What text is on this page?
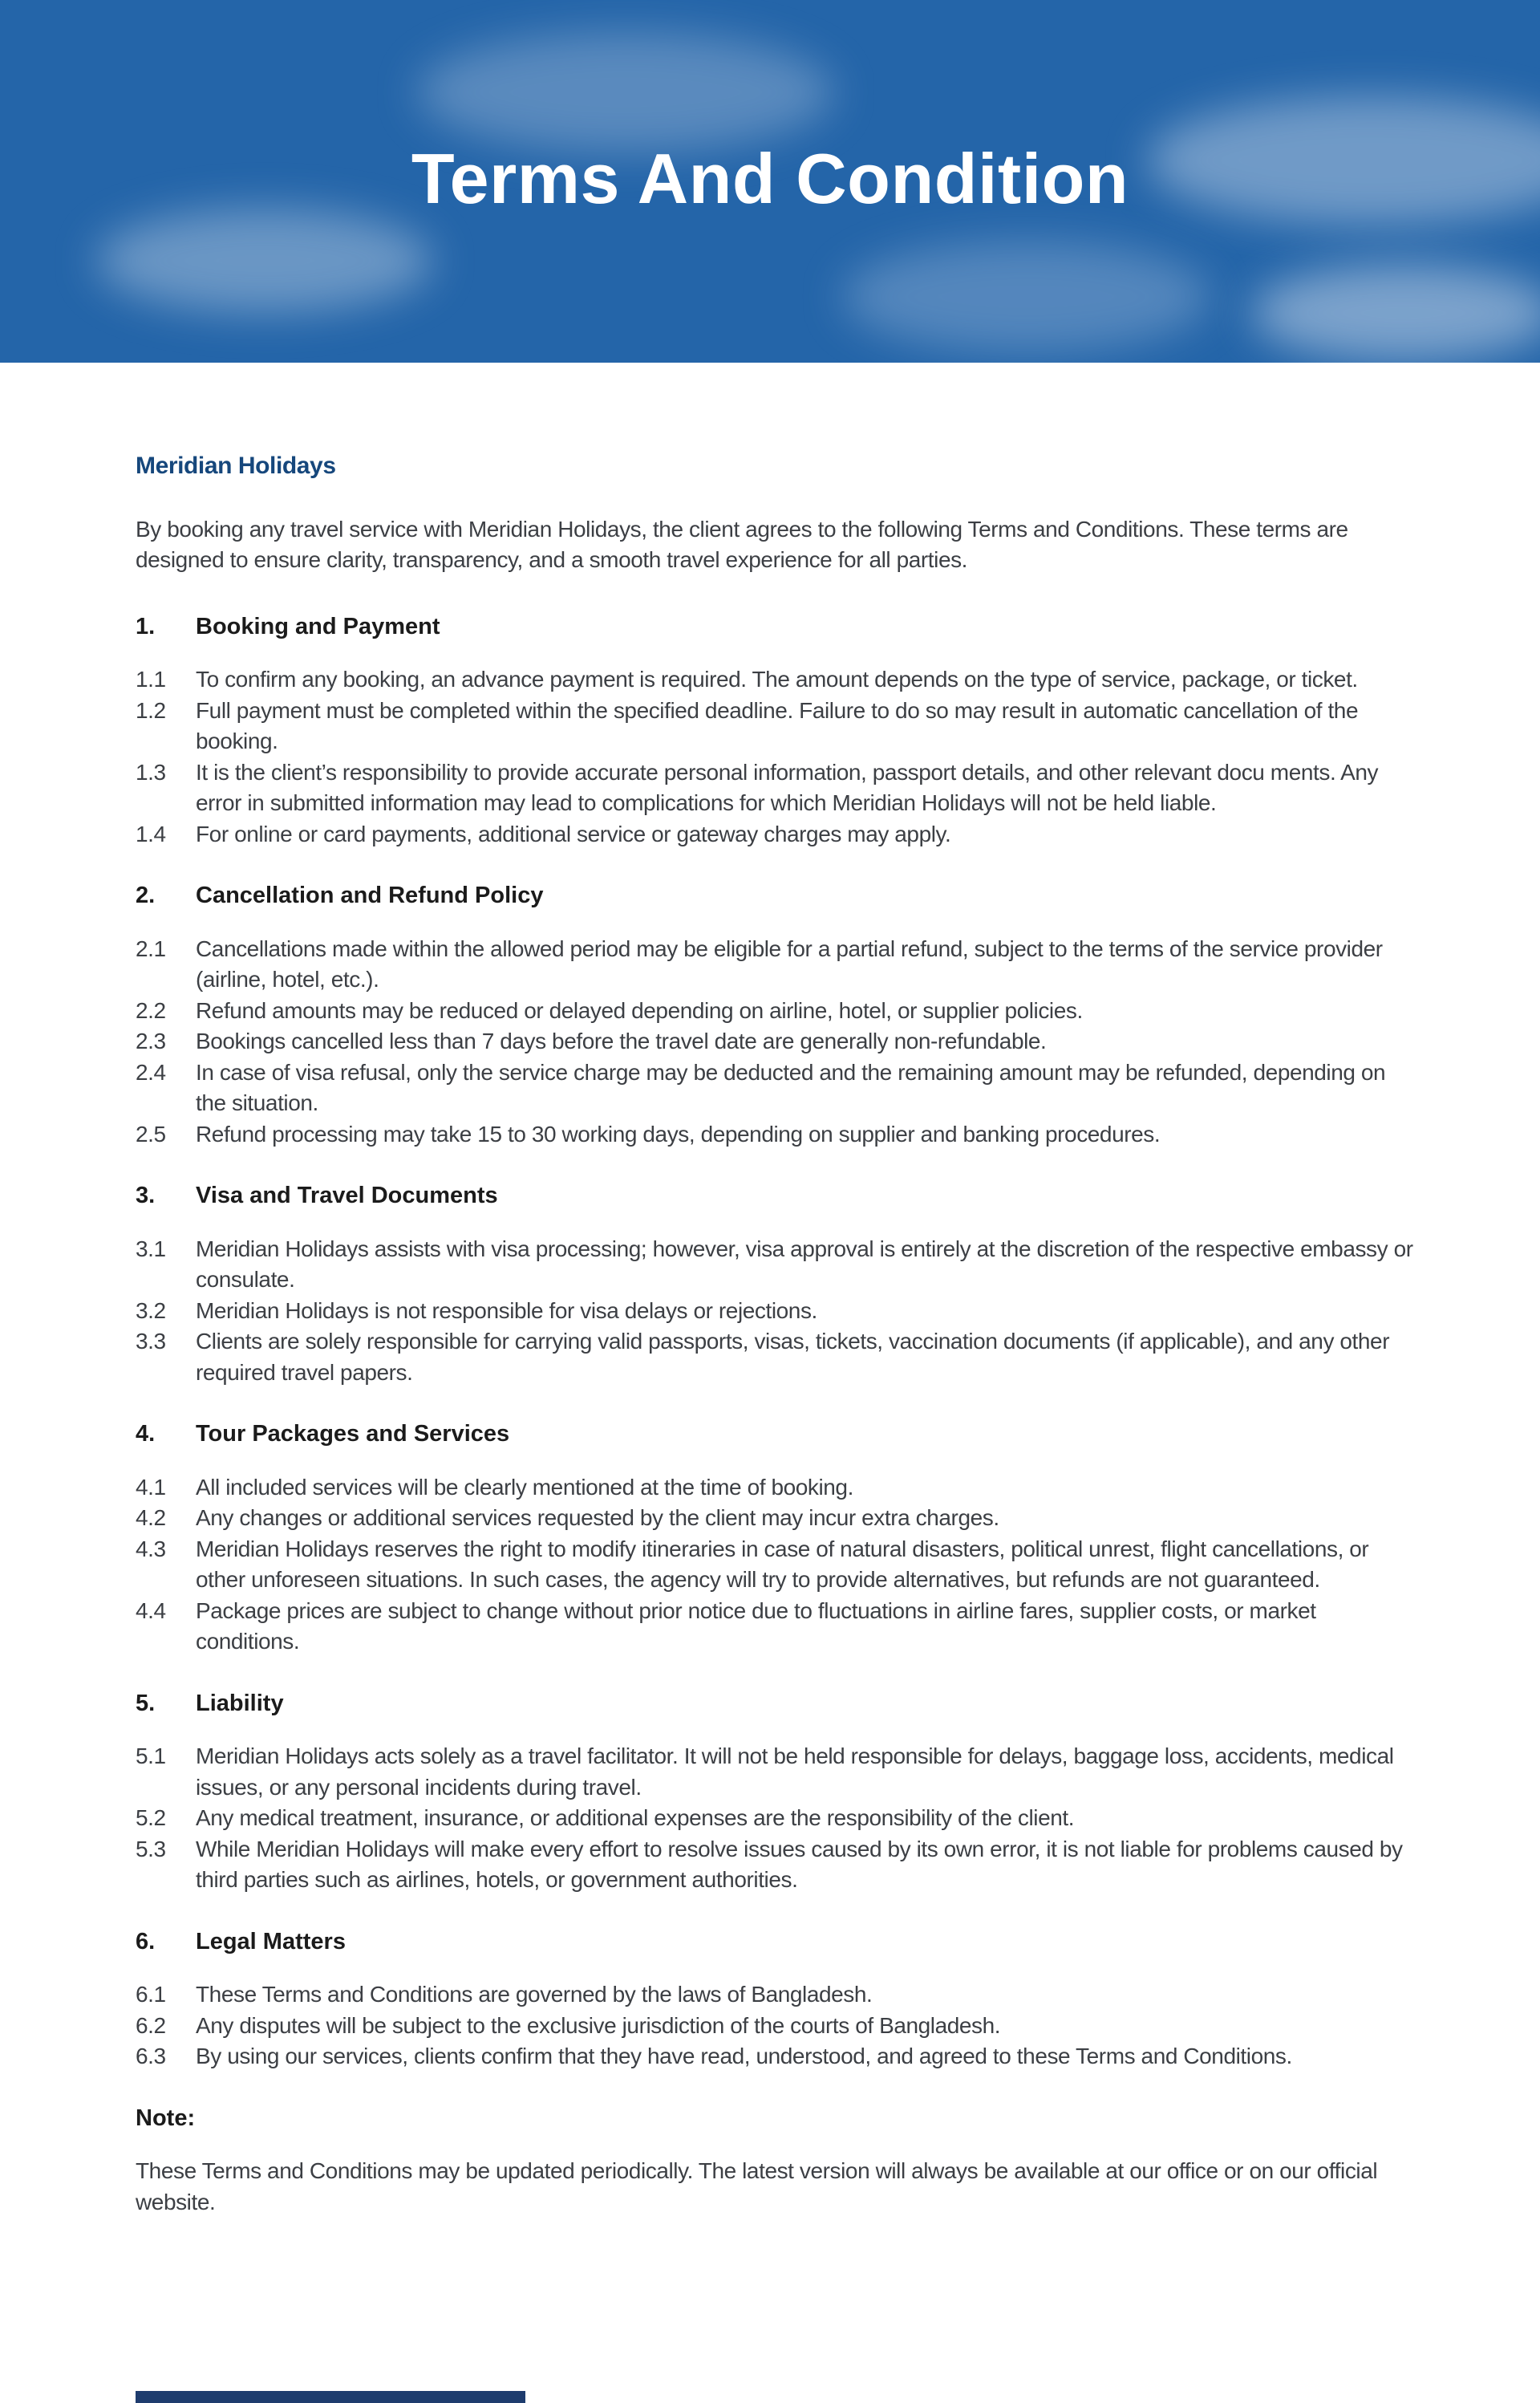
Terms And Condition
Meridian Holidays

By booking any travel service with Meridian Holidays, the client agrees to the following Terms and Conditions. These terms are designed to ensure clarity, transparency, and a smooth travel experience for all parties.

1.	Booking and Payment
1.1	To confirm any booking, an advance payment is required. The amount depends on the type of service, package, or ticket.

1.2	Full payment must be completed within the specified deadline. Failure to do so may result in automatic cancellation of the booking.

1.3	It is the client’s responsibility to provide accurate personal information, passport details, and other relevant docu ments. Any error in submitted information may lead to complications for which Meridian Holidays will not be held liable.

1.4	For online or card payments, additional service or gateway charges may apply.

2.	Cancellation and Refund Policy
2.1	Cancellations made within the allowed period may be eligible for a partial refund, subject to the terms of the service provider (airline, hotel, etc.).

2.2	Refund amounts may be reduced or delayed depending on airline, hotel, or supplier policies.

2.3	Bookings cancelled less than 7 days before the travel date are generally non-refundable.

2.4	In case of visa refusal, only the service charge may be deducted and the remaining amount may be refunded, depending on the situation.

2.5	Refund processing may take 15 to 30 working days, depending on supplier and banking procedures.

3.	Visa and Travel Documents
3.1	Meridian Holidays assists with visa processing; however, visa approval is entirely at the discretion of the respective embassy or consulate.

3.2	Meridian Holidays is not responsible for visa delays or rejections.

3.3	Clients are solely responsible for carrying valid passports, visas, tickets, vaccination documents (if applicable), and any other required travel papers.

4.	Tour Packages and Services
4.1	All included services will be clearly mentioned at the time of booking.

4.2	Any changes or additional services requested by the client may incur extra charges.

4.3	Meridian Holidays reserves the right to modify itineraries in case of natural disasters, political unrest, flight cancellations, or other unforeseen situations. In such cases, the agency will try to provide alternatives, but refunds are not guaranteed.

4.4	Package prices are subject to change without prior notice due to fluctuations in airline fares, supplier costs, or market conditions.

5.	Liability
5.1	Meridian Holidays acts solely as a travel facilitator. It will not be held responsible for delays, baggage loss, accidents, medical issues, or any personal incidents during travel.

5.2	Any medical treatment, insurance, or additional expenses are the responsibility of the client.

5.3	While Meridian Holidays will make every effort to resolve issues caused by its own error, it is not liable for problems caused by third parties such as airlines, hotels, or government authorities.

6.	Legal Matters
6.1	These Terms and Conditions are governed by the laws of Bangladesh.

6.2	Any disputes will be subject to the exclusive jurisdiction of the courts of Bangladesh.

6.3	By using our services, clients confirm that they have read, understood, and agreed to these Terms and Conditions.

Note:

These Terms and Conditions may be updated periodically. The latest version will always be available at our office or on our official website.
